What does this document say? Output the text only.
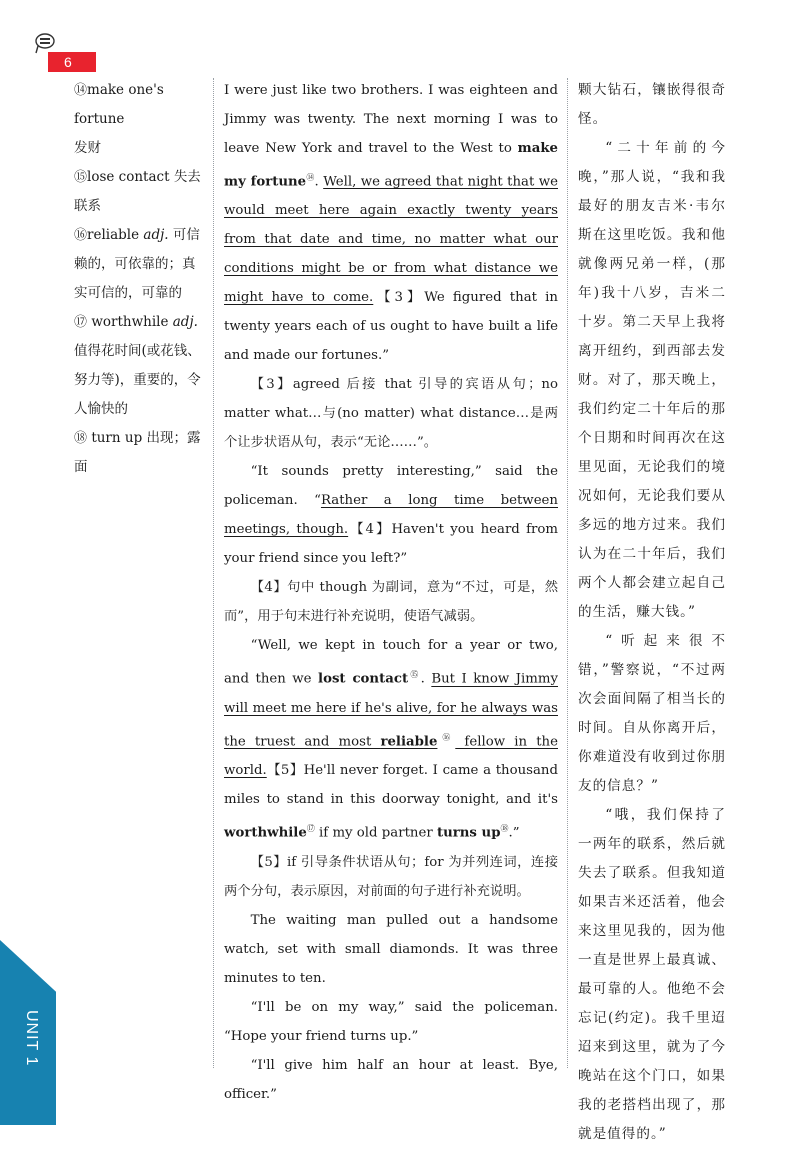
6
UNIT 1
⑭make one's fortune
发财
⑮lose contact 失去联系
⑯reliable adj. 可信赖的，可依靠的；真实可信的，可靠的
⑰ worthwhile adj. 值得花时间(或花钱、努力等)，重要的，令人愉快的
⑱ turn up 出现；露面

I were just like two brothers. I was eighteen and Jimmy was twenty. The next morning I was to leave New York and travel to the West to make my fortune⑭. Well, we agreed that night that we would meet here again exactly twenty years from that date and time, no matter what our conditions might be or from what distance we might have to come.【3】We figured that in twenty years each of us ought to have built a life and made our fortunes.”

【3】agreed 后接 that 引导的宾语从句；no matter what…与(no matter) what distance…是两个让步状语从句，表示“无论……”。

“It sounds pretty interesting,” said the policeman. “Rather a long time between meetings, though.【4】Haven't you heard from your friend since you left?”

【4】句中 though 为副词，意为“不过，可是，然而”，用于句末进行补充说明，使语气减弱。

“Well, we kept in touch for a year or two, and then we lost contact⑮. But I know Jimmy will meet me here if he's alive, for he always was the truest and most reliable⑯ fellow in the world.【5】He'll never forget. I came a thousand miles to stand in this doorway tonight, and it's worthwhile⑰ if my old partner turns up⑱.”

【5】if 引导条件状语从句；for 为并列连词，连接两个分句，表示原因，对前面的句子进行补充说明。

The waiting man pulled out a handsome watch, set with small diamonds. It was three minutes to ten.

“I'll be on my way,” said the policeman. “Hope your friend turns up.”

“I'll give him half an hour at least. Bye, officer.”

颗大钻石，镶嵌得很奇怪。

“二十年前的今晚，”那人说，“我和我最好的朋友吉米·韦尔斯在这里吃饭。我和他就像两兄弟一样，(那年)我十八岁，吉米二十岁。第二天早上我将离开纽约，到西部去发财。对了，那天晚上，我们约定二十年后的那个日期和时间再次在这里见面，无论我们的境况如何，无论我们要从多远的地方过来。我们认为在二十年后，我们两个人都会建立起自己的生活，赚大钱。”

“听起来很不错，”警察说，“不过两次会面间隔了相当长的时间。自从你离开后，你难道没有收到过你朋友的信息？”

“哦，我们保持了一两年的联系，然后就失去了联系。但我知道如果吉米还活着，他会来这里见我的，因为他一直是世界上最真诚、最可靠的人。他绝不会忘记(约定)。我千里迢迢来到这里，就为了今晚站在这个门口，如果我的老搭档出现了，那就是值得的。”
